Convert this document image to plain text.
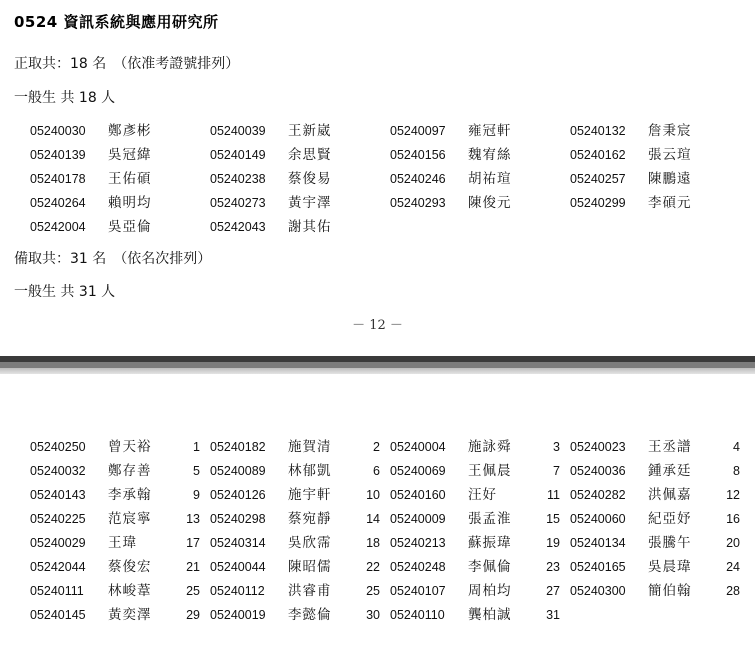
0524 資訊系統與應用研究所
正取共：18 名　（依准考證號排列）
一般生 共 18 人
05240030 鄭彥彬	05240039 王新崴	05240097 雍冠軒	05240132 詹秉宸
05240139 吳冠緯	05240149 余思賢	05240156 魏宥絲	05240162 張云瑄
05240178 王佑碩	05240238 蔡俊易	05240246 胡祐瑄	05240257 陳鵬遠
05240264 賴明均	05240273 黃宇澤	05240293 陳俊元	05240299 李碩元
05242004 吳亞倫	05242043 謝其佑
備取共：31 名　（依名次排列）
一般生 共 31 人
－ 12 －
05240250 曾天裕	1 05240182 施賀清	2 05240004 施詠舜	3 05240023 王丞譜	4
05240032 鄭存善	5 05240089 林郁凱	6 05240069 王佩晨	7 05240036 鍾承廷	8
05240143 李承翰	9 05240126 施宇軒	10 05240160 汪好	11 05240282 洪佩嘉	12
05240225 范宸寧	13 05240298 蔡宛靜	14 05240009 張孟淮	15 05240060 紀亞妤	16
05240029 王瑋	17 05240314 吳欣霈	18 05240213 蘇振瑋	19 05240134 張騰午	20
05242044 蔡俊宏	21 05240044 陳昭儒	22 05240248 李佩倫	23 05240165 吳晨瑋	24
05240111 林峻葦	25 05240112 洪睿甫	25 05240107 周柏均	27 05240300 簡伯翰	28
05240145 黃奕澤	29 05240019 李懿倫	30 05240110 龔柏誠	31
